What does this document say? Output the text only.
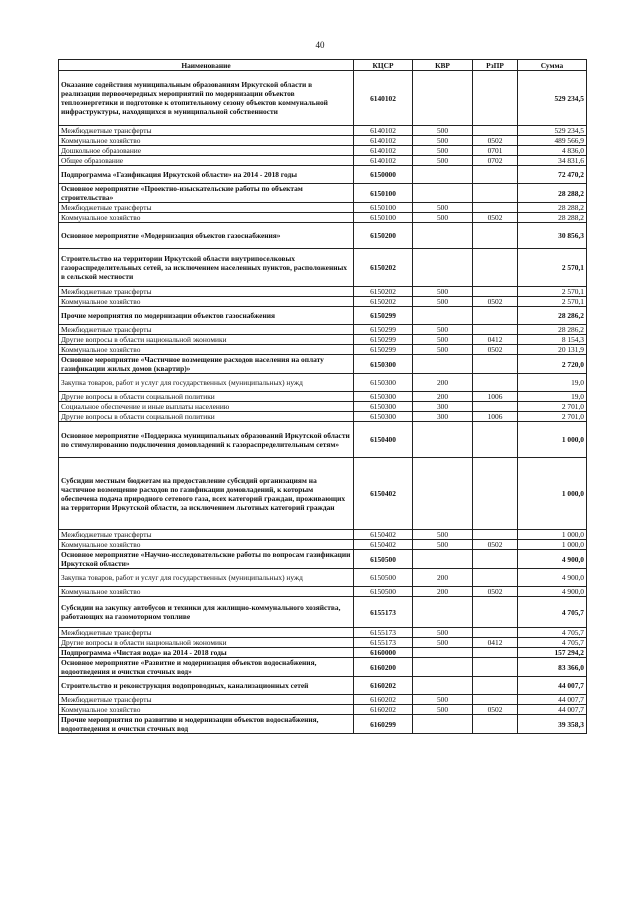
40
Наименование	КЦСР	КВР	РзПР	Сумма
Оказание содействия муниципальным образованиям Иркутской области в реализации первоочередных мероприятий по модернизации объектов теплоэнергетики и подготовке к отопительному сезону объектов коммунальной инфраструктуры, находящихся в муниципальной собственности	6140102			529 234,5
Межбюджетные трансферты	6140102	500		529 234,5
Коммунальное хозяйство	6140102	500	0502	489 566,9
Дошкольное образование	6140102	500	0701	4 836,0
Общее образование	6140102	500	0702	34 831,6
Подпрограмма «Газификация Иркутской области» на 2014 - 2018 годы	6150000			72 470,2
Основное мероприятие «Проектно-изыскательские работы по объектам строительства»	6150100			28 288,2
Межбюджетные трансферты	6150100	500		28 288,2
Коммунальное хозяйство	6150100	500	0502	28 288,2
Основное мероприятие «Модернизация объектов газоснабжения»	6150200			30 856,3
Строительство на территории Иркутской области внутрипоселковых газораспределительных сетей, за исключением населенных пунктов, расположенных в сельской местности	6150202			2 570,1
Межбюджетные трансферты	6150202	500		2 570,1
Коммунальное хозяйство	6150202	500	0502	2 570,1
Прочие мероприятия по модернизации объектов газоснабжения	6150299			28 286,2
Межбюджетные трансферты	6150299	500		28 286,2
Другие вопросы в области национальной экономики	6150299	500	0412	8 154,3
Коммунальное хозяйство	6150299	500	0502	20 131,9
Основное мероприятие «Частичное возмещение расходов населения на оплату газификации жилых домов (квартир)»	6150300			2 720,0
Закупка товаров, работ и услуг для государственных (муниципальных) нужд	6150300	200		19,0
Другие вопросы в области социальной политики	6150300	200	1006	19,0
Социальное обеспечение и иные выплаты населению	6150300	300		2 701,0
Другие вопросы в области социальной политики	6150300	300	1006	2 701,0
Основное мероприятие «Поддержка муниципальных образований Иркутской области по стимулированию подключения домовладений к газораспределительным сетям»	6150400			1 000,0
Субсидии местным бюджетам на предоставление субсидий организациям на частичное возмещение расходов по газификации домовладений, к которым обеспечена подача природного сетевого газа, всех категорий граждан, проживающих на территории Иркутской области, за исключением льготных категорий граждан	6150402			1 000,0
Межбюджетные трансферты	6150402	500		1 000,0
Коммунальное хозяйство	6150402	500	0502	1 000,0
Основное мероприятие «Научно-исследовательские работы по вопросам газификации Иркутской области»	6150500			4 900,0
Закупка товаров, работ и услуг для государственных (муниципальных) нужд	6150500	200		4 900,0
Коммунальное хозяйство	6150500	200	0502	4 900,0
Субсидии на закупку автобусов и техники для жилищно-коммунального хозяйства, работающих на газомоторном топливе	6155173			4 705,7
Межбюджетные трансферты	6155173	500		4 705,7
Другие вопросы в области национальной экономики	6155173	500	0412	4 705,7
Подпрограмма «Чистая вода» на 2014 - 2018 годы	6160000			157 294,2
Основное мероприятие «Развитие и модернизация объектов водоснабжения, водоотведения и очистки сточных вод»	6160200			83 366,0
Строительство и реконструкция водопроводных, канализационных сетей	6160202			44 007,7
Межбюджетные трансферты	6160202	500		44 007,7
Коммунальное хозяйство	6160202	500	0502	44 007,7
Прочие мероприятия по развитию и модернизации объектов водоснабжения, водоотведения и очистки сточных вод	6160299			39 358,3
